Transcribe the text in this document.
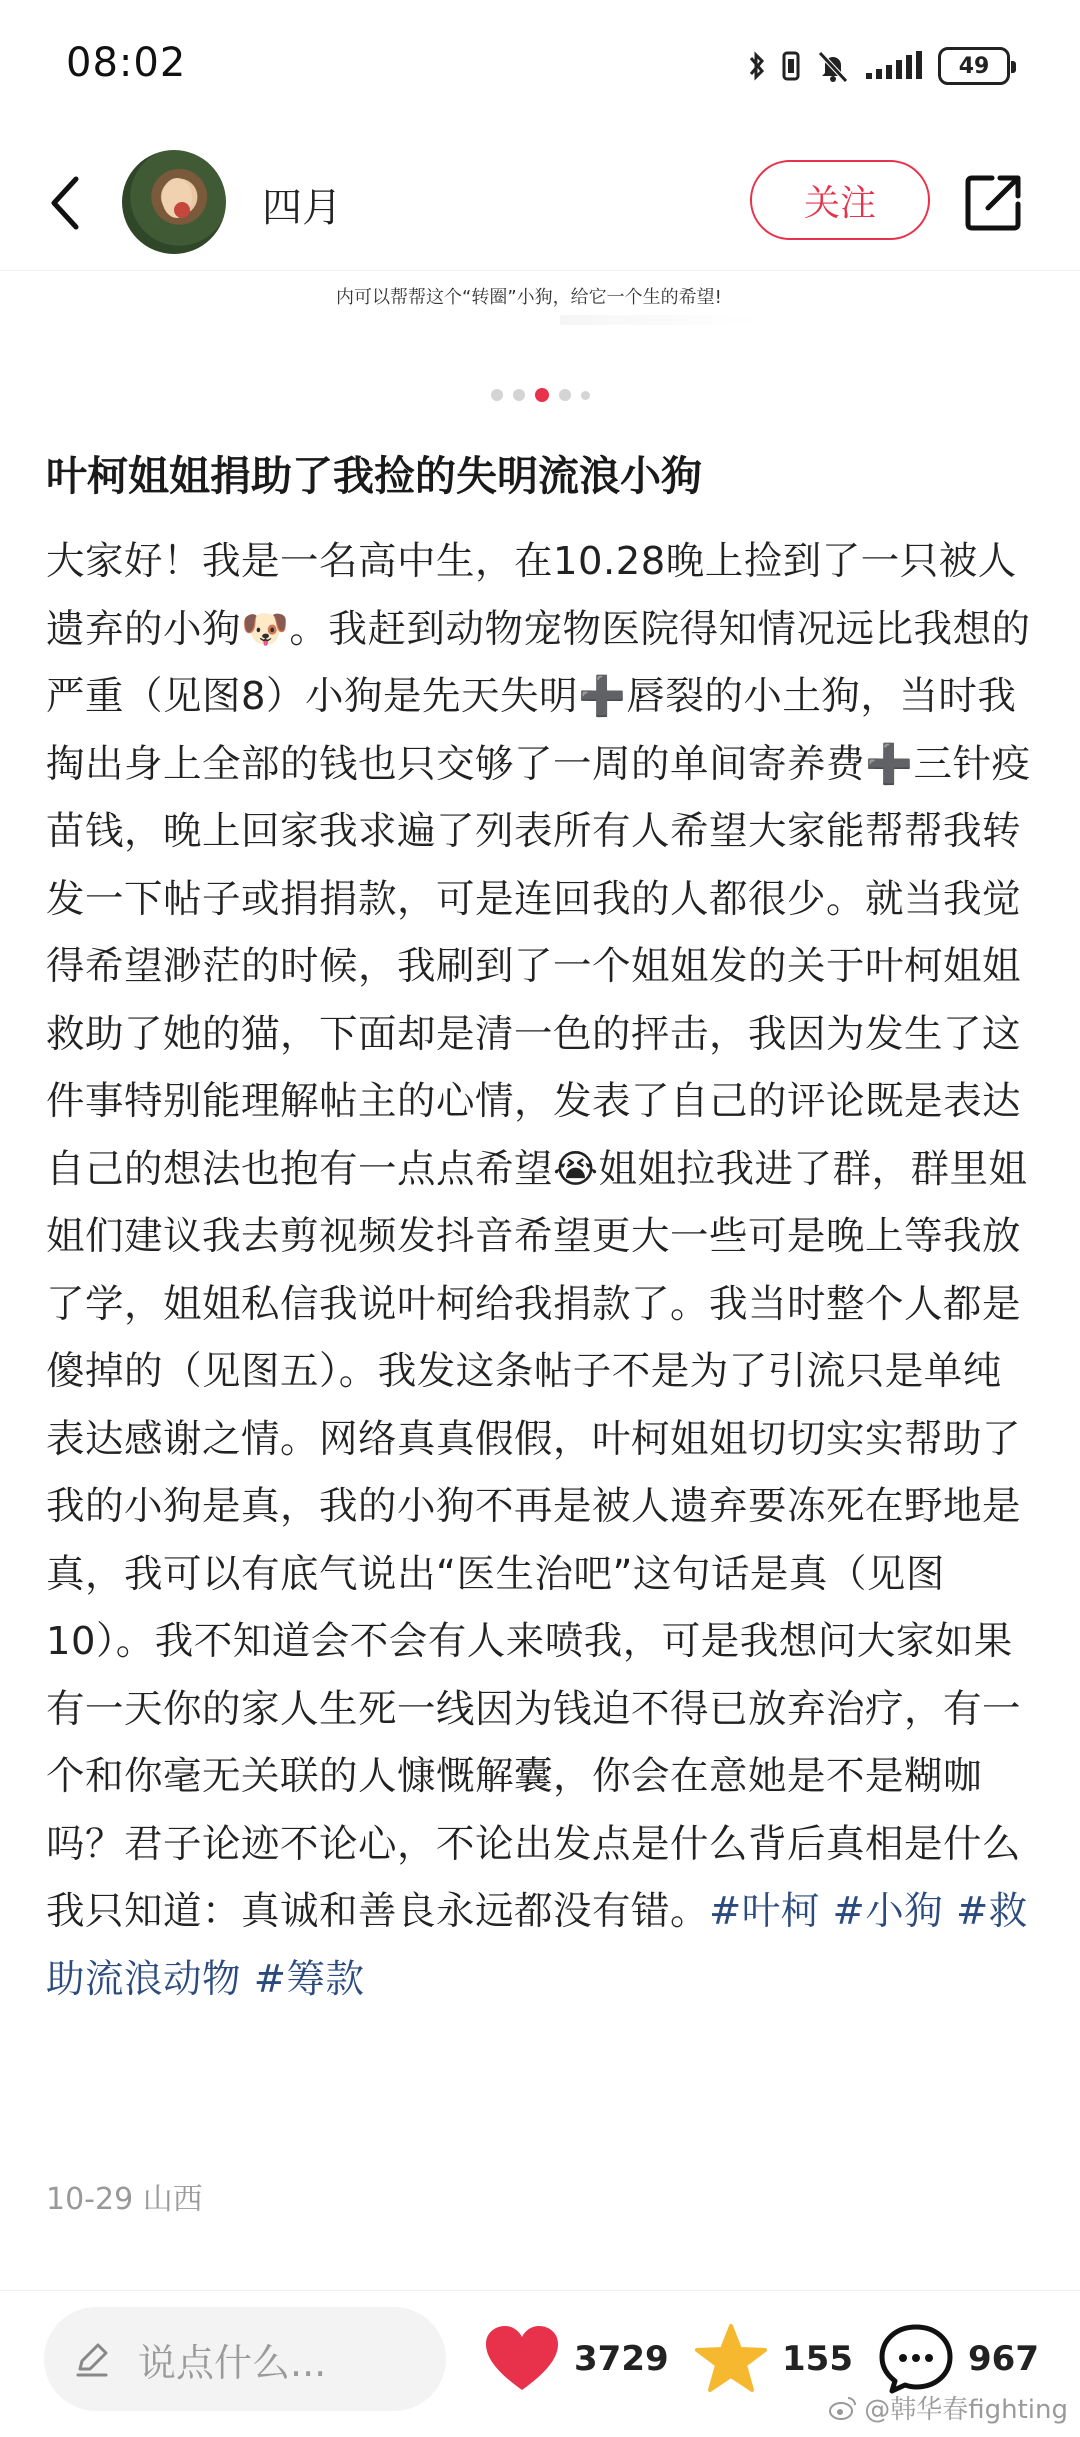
08:02	49
四月	关注
内可以帮帮这个“转圈”小狗，给它一个生的希望!
叶柯姐姐捐助了我捡的失明流浪小狗
大家好！我是一名高中生，在10.28晚上捡到了一只被人遗弃的小狗🐶。我赶到动物宠物医院得知情况远比我想的严重（见图8）小狗是先天失明➕唇裂的小土狗，当时我掏出身上全部的钱也只交够了一周的单间寄养费➕三针疫苗钱，晚上回家我求遍了列表所有人希望大家能帮帮我转发一下帖子或捐捐款，可是连回我的人都很少。就当我觉得希望渺茫的时候，我刷到了一个姐姐发的关于叶柯姐姐救助了她的猫，下面却是清一色的抨击，我因为发生了这件事特别能理解帖主的心情，发表了自己的评论既是表达自己的想法也抱有一点点希望😭姐姐拉我进了群，群里姐姐们建议我去剪视频发抖音希望更大一些可是晚上等我放了学，姐姐私信我说叶柯给我捐款了。我当时整个人都是傻掉的（见图五）。我发这条帖子不是为了引流只是单纯表达感谢之情。网络真真假假，叶柯姐姐切切实实帮助了我的小狗是真，我的小狗不再是被人遗弃要冻死在野地是真，我可以有底气说出“医生治吧”这句话是真（见图10）。我不知道会不会有人来喷我，可是我想问大家如果有一天你的家人生死一线因为钱迫不得已放弃治疗，有一个和你毫无关联的人慷慨解囊，你会在意她是不是糊咖吗？君子论迹不论心，不论出发点是什么背后真相是什么 我只知道：真诚和善良永远都没有错。#叶柯 #小狗 #救助流浪动物 #筹款
10-29 山西
说点什么...	3729	155	967
@韩华春fighting
